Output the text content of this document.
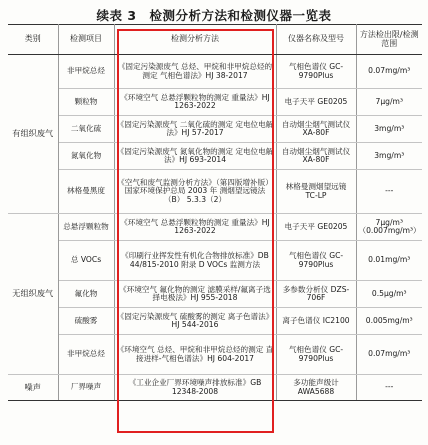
续表 3　检测分析方法和检测仪器一览表
类别	检测项目	检测分析方法	仪器名称及型号	方法检出限/检测范围
有组织废气	非甲烷总烃	《固定污染源废气 总烃、甲烷和非甲烷总烃的测定 气相色谱法》HJ 38-2017	气相色谱仪 GC-9790Plus	0.07mg/m³
	颗粒物	《环境空气 总悬浮颗粒物的测定 重量法》HJ 1263-2022	电子天平 GE0205	7μg/m³
	二氧化硫	《固定污染源废气 二氧化硫的测定 定电位电解法》HJ 57-2017	自动烟尘烟气测试仪 XA-80F	3mg/m³
	氮氧化物	《固定污染源废气 氮氧化物的测定 定电位电解法》HJ 693-2014	自动烟尘烟气测试仪 XA-80F	3mg/m³
	林格曼黑度	《空气和废气监测分析方法》（第四版增补版）国家环境保护总局 2003 年 测烟望远镜法（B） 5.3.3（2）	林格曼测烟望远镜 TC-LP	---
无组织废气	总悬浮颗粒物	《环境空气 总悬浮颗粒物的测定 重量法》HJ 1263-2022	电子天平 GE0205	7μg/m³（0.007mg/m³）
	总 VOCs	《印刷行业挥发性有机化合物排放标准》DB 44/815-2010 附录 D VOCs 监测方法	气相色谱仪 GC-9790Plus	0.01mg/m³
	氟化物	《环境空气 氟化物的测定 滤膜采样/氟离子选择电极法》HJ 955-2018	多参数分析仪 DZS-706F	0.5μg/m³
	硫酸雾	《固定污染源废气 硫酸雾的测定 离子色谱法》HJ 544-2016	离子色谱仪 IC2100	0.005mg/m³
	非甲烷总烃	《环境空气 总烃、甲烷和非甲烷总烃的测定 直接进样-气相色谱法》HJ 604-2017	气相色谱仪 GC-9790Plus	0.07mg/m³
噪声	厂界噪声	《工业企业厂界环境噪声排放标准》GB 12348-2008	多功能声级计 AWA5688	---
